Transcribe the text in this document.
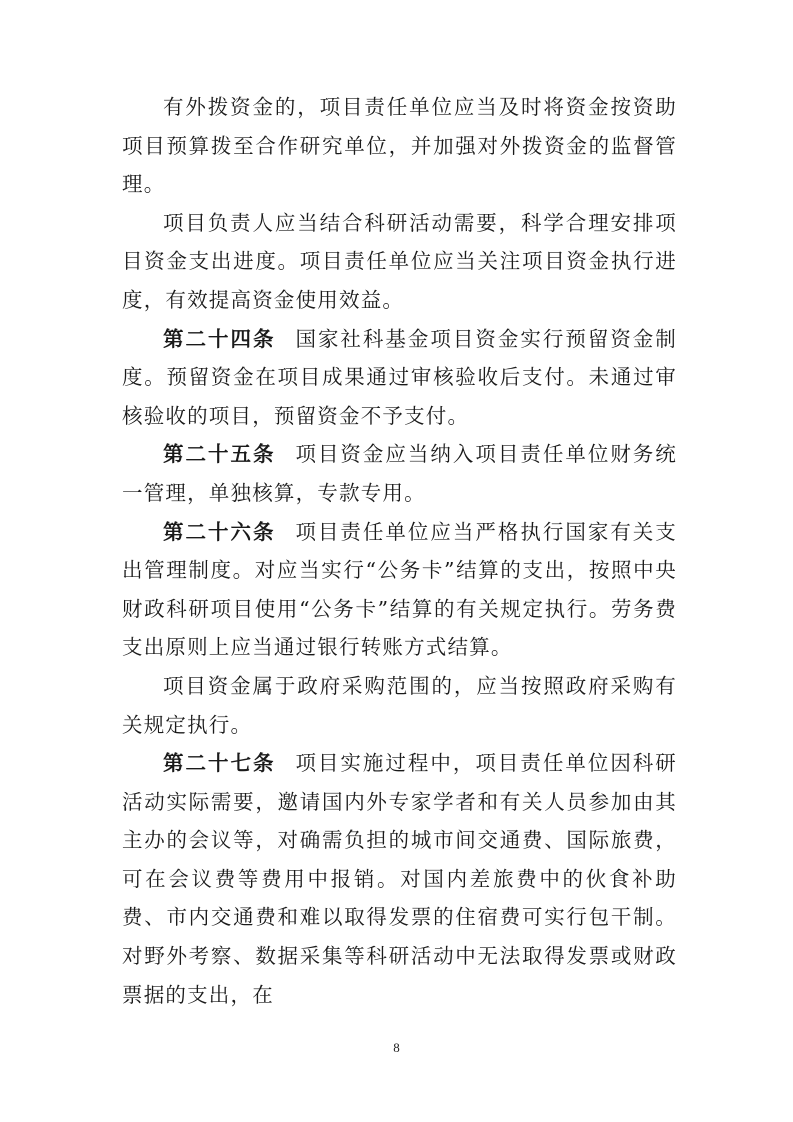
有外拨资金的，项目责任单位应当及时将资金按资助项目预算拨至合作研究单位，并加强对外拨资金的监督管理。

项目负责人应当结合科研活动需要，科学合理安排项目资金支出进度。项目责任单位应当关注项目资金执行进度，有效提高资金使用效益。

第二十四条 国家社科基金项目资金实行预留资金制度。预留资金在项目成果通过审核验收后支付。未通过审核验收的项目，预留资金不予支付。

第二十五条 项目资金应当纳入项目责任单位财务统一管理，单独核算，专款专用。

第二十六条 项目责任单位应当严格执行国家有关支出管理制度。对应当实行“公务卡”结算的支出，按照中央财政科研项目使用“公务卡”结算的有关规定执行。劳务费支出原则上应当通过银行转账方式结算。

项目资金属于政府采购范围的，应当按照政府采购有关规定执行。

第二十七条 项目实施过程中，项目责任单位因科研活动实际需要，邀请国内外专家学者和有关人员参加由其主办的会议等，对确需负担的城市间交通费、国际旅费，可在会议费等费用中报销。对国内差旅费中的伙食补助费、市内交通费和难以取得发票的住宿费可实行包干制。对野外考察、数据采集等科研活动中无法取得发票或财政票据的支出，在

8
